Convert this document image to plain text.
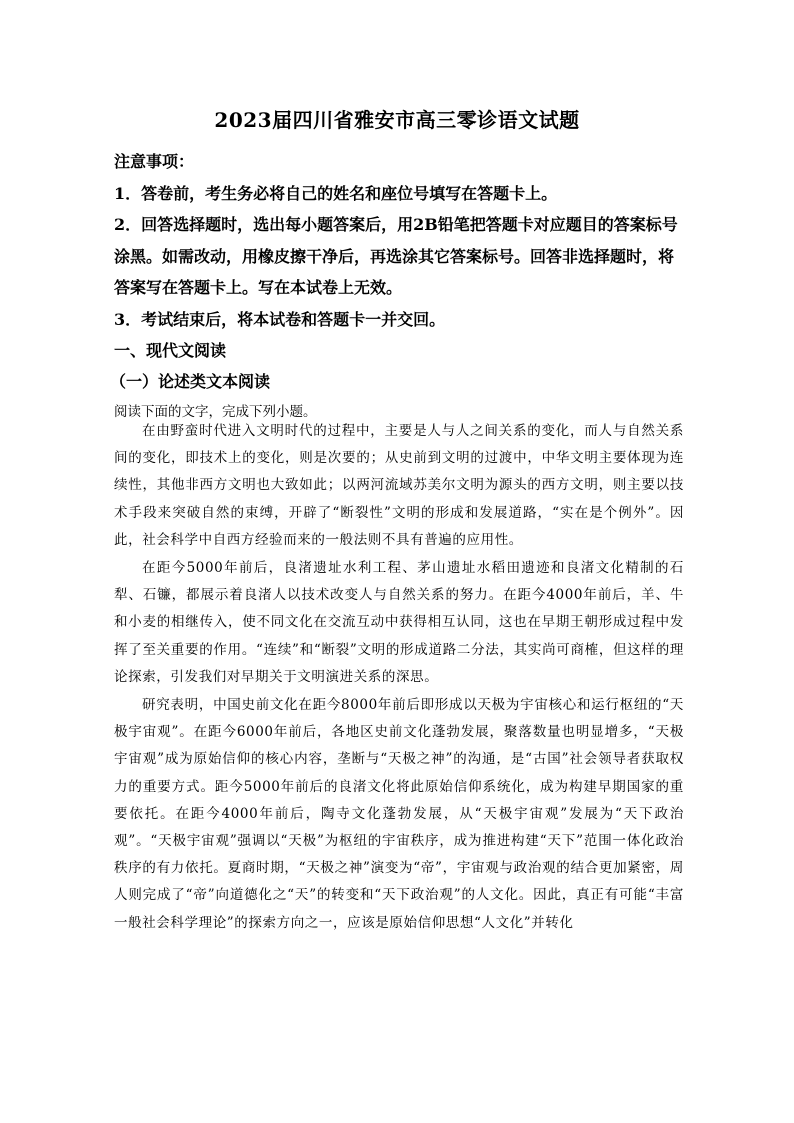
2023届四川省雅安市高三零诊语文试题
注意事项：
1．答卷前，考生务必将自己的姓名和座位号填写在答题卡上。
2．回答选择题时，选出每小题答案后，用2B铅笔把答题卡对应题目的答案标号涂黑。如需改动，用橡皮擦干净后，再选涂其它答案标号。回答非选择题时，将答案写在答题卡上。写在本试卷上无效。
3．考试结束后，将本试卷和答题卡一并交回。
一、现代文阅读
（一）论述类文本阅读
阅读下面的文字，完成下列小题。

在由野蛮时代进入文明时代的过程中，主要是人与人之间关系的变化，而人与自然关系间的变化，即技术上的变化，则是次要的；从史前到文明的过渡中，中华文明主要体现为连续性，其他非西方文明也大致如此；以两河流域苏美尔文明为源头的西方文明，则主要以技术手段来突破自然的束缚，开辟了“断裂性”文明的形成和发展道路，“实在是个例外”。因此，社会科学中自西方经验而来的一般法则不具有普遍的应用性。

在距今5000年前后，良渚遗址水利工程、茅山遗址水稻田遗迹和良渚文化精制的石犁、石镰，都展示着良渚人以技术改变人与自然关系的努力。在距今4000年前后，羊、牛和小麦的相继传入，使不同文化在交流互动中获得相互认同，这也在早期王朝形成过程中发挥了至关重要的作用。“连续”和“断裂”文明的形成道路二分法，其实尚可商榷，但这样的理论探索，引发我们对早期关于文明演进关系的深思。

研究表明，中国史前文化在距今8000年前后即形成以天极为宇宙核心和运行枢纽的“天极宇宙观”。在距今6000年前后，各地区史前文化蓬勃发展，聚落数量也明显增多，“天极宇宙观”成为原始信仰的核心内容，垄断与“天极之神”的沟通，是“古国”社会领导者获取权力的重要方式。距今5000年前后的良渚文化将此原始信仰系统化，成为构建早期国家的重要依托。在距今4000年前后，陶寺文化蓬勃发展，从“天极宇宙观”发展为“天下政治观”。“天极宇宙观”强调以“天极”为枢纽的宇宙秩序，成为推进构建“天下”范围一体化政治秩序的有力依托。夏商时期，“天极之神”演变为“帝”，宇宙观与政治观的结合更加紧密，周人则完成了“帝”向道德化之“天”的转变和“天下政治观”的人文化。因此，真正有可能“丰富一般社会科学理论”的探索方向之一，应该是原始信仰思想“人文化”并转化
